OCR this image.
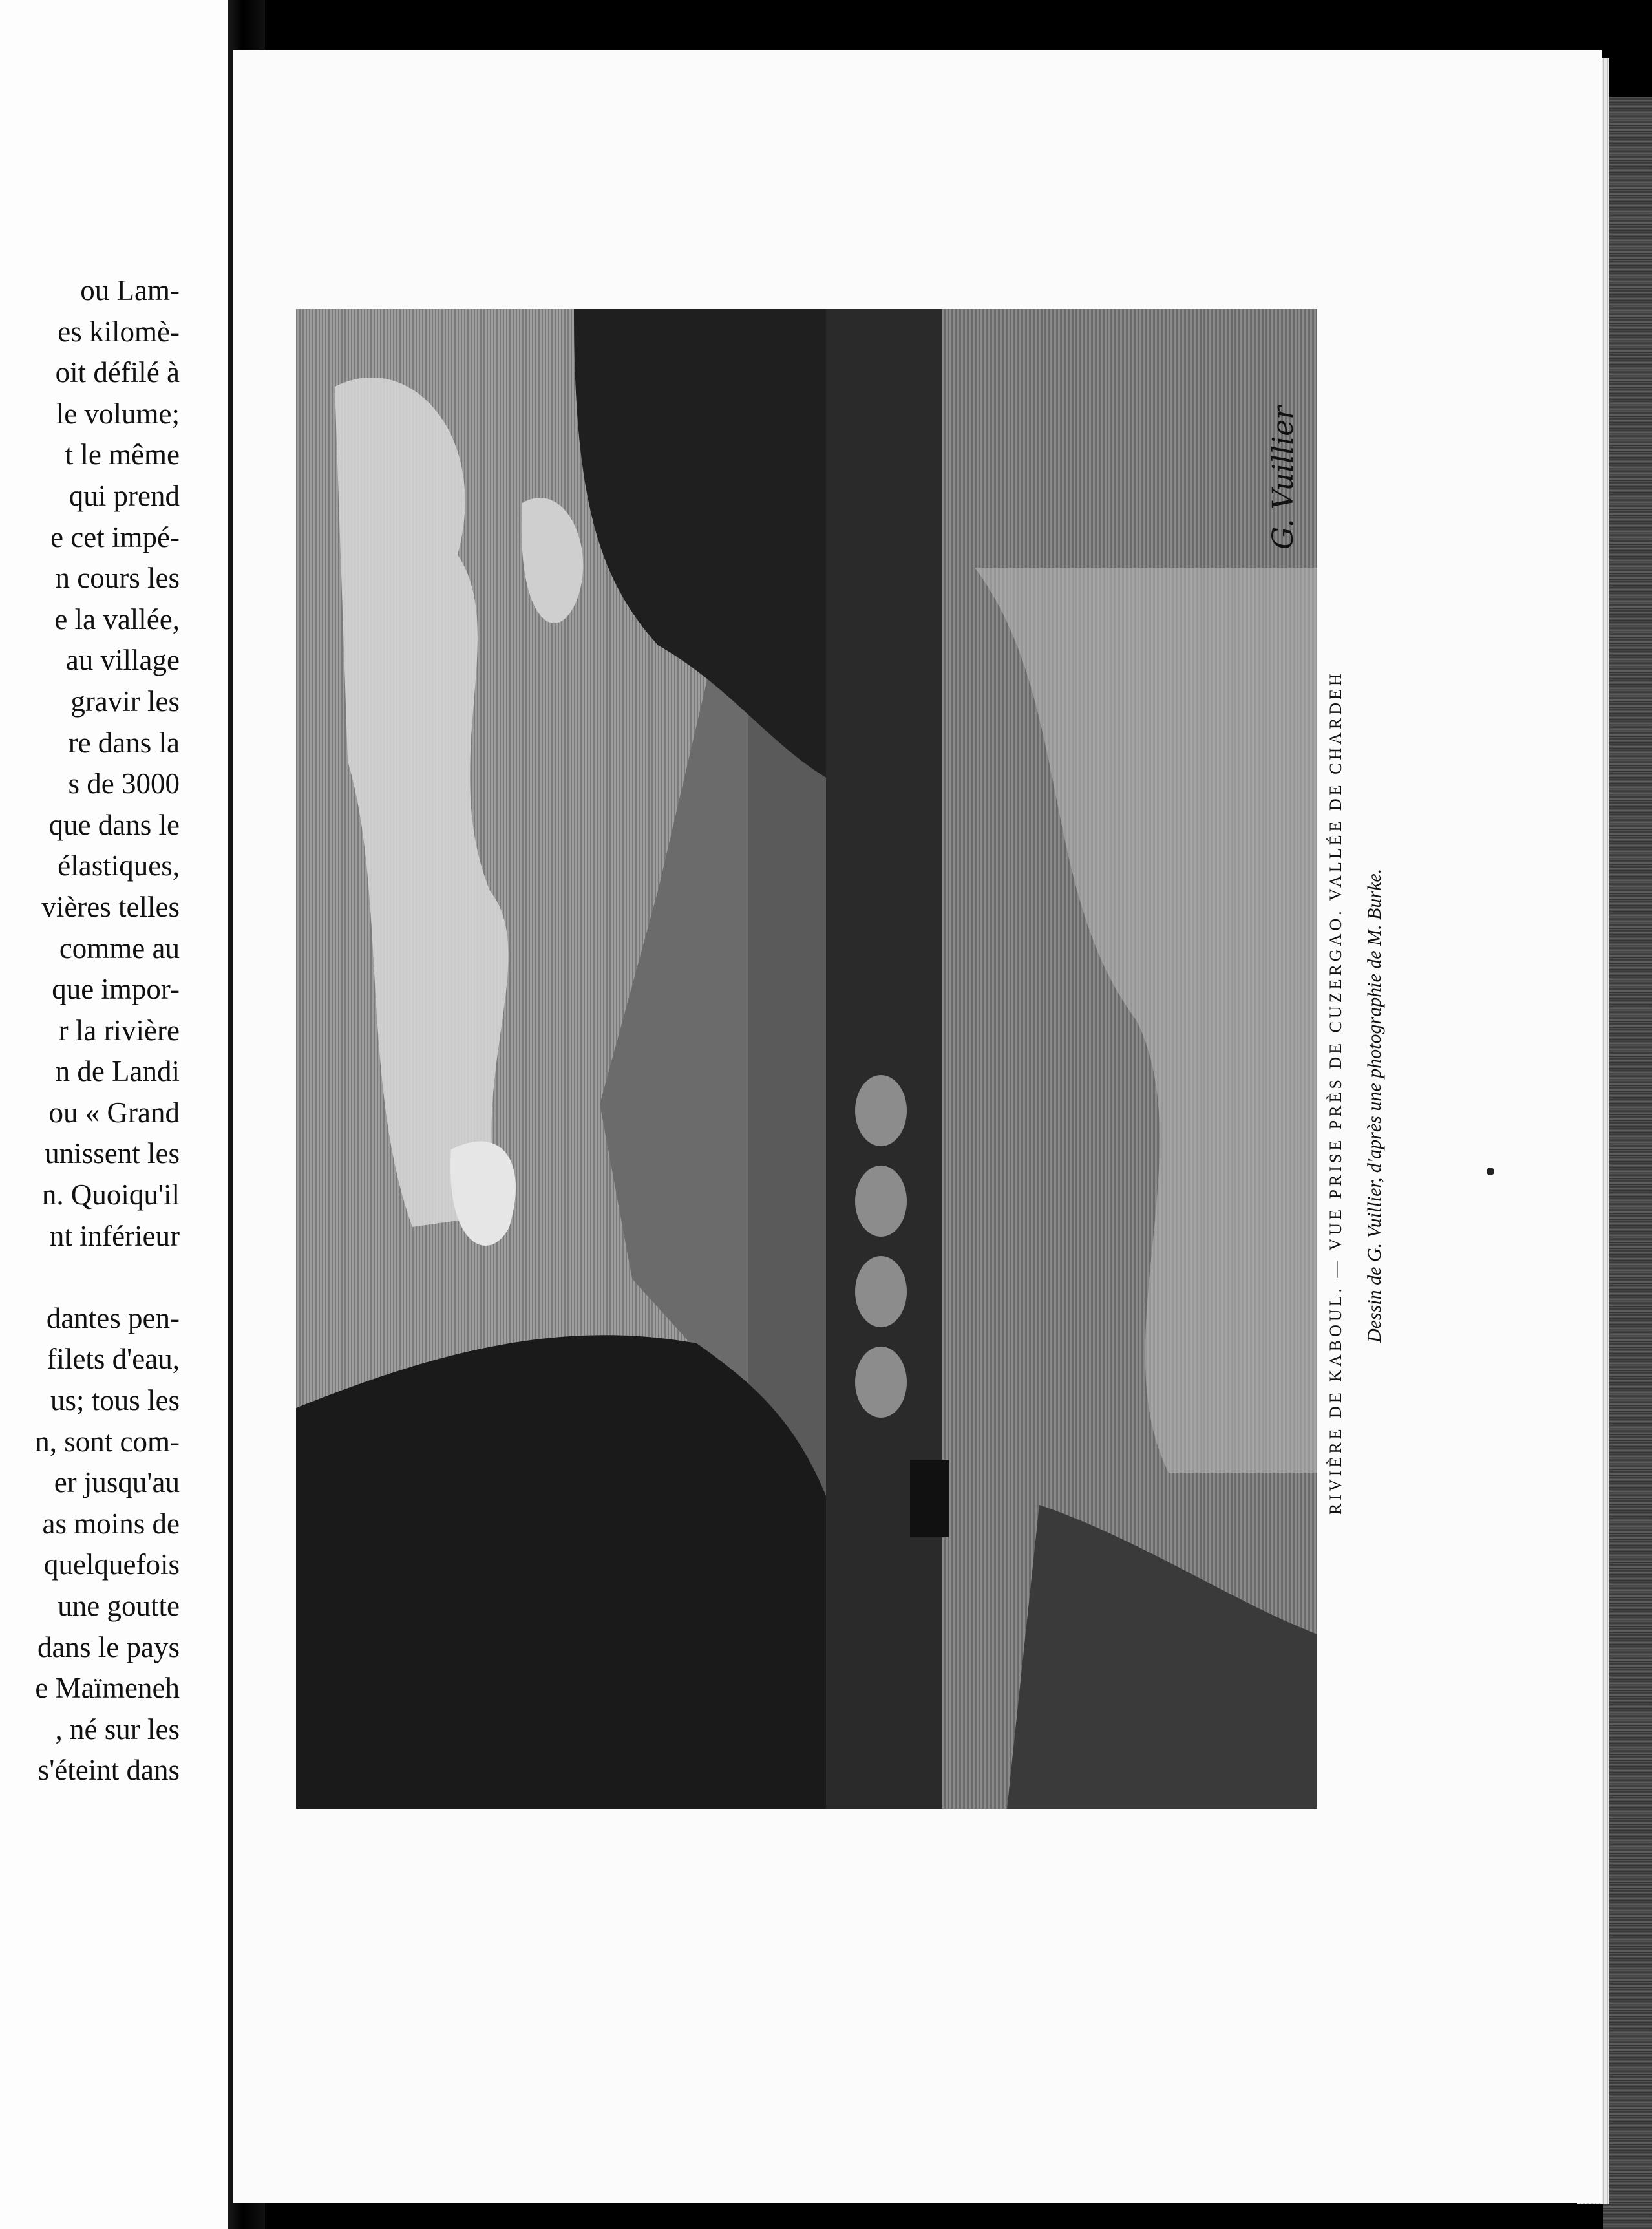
ou Lam-
es kilomè-
oit défilé à
le volume;
t le même
qui prend
e cet impé-
n cours les
e la vallée,
au village
gravir les
re dans la
s de 3000
que dans le
élastiques,
vières telles
comme au
que impor-
r la rivière
n de Landi
ou « Grand
unissent les
n. Quoiqu'il
nt inférieur
dantes pen-
filets d'eau,
us; tous les
n, sont com-
er jusqu'au
as moins de
quelquefois
une goutte
dans le pays
e Maïmeneh
, né sur les
s'éteint dans
G. Vuillier
RIVIÈRE DE KABOUL. — VUE PRISE PRÈS DE CUZERGAO. VALLÉE DE CHARDEH Dessin de G. Vuillier, d'après une photographie de M. Burke.
